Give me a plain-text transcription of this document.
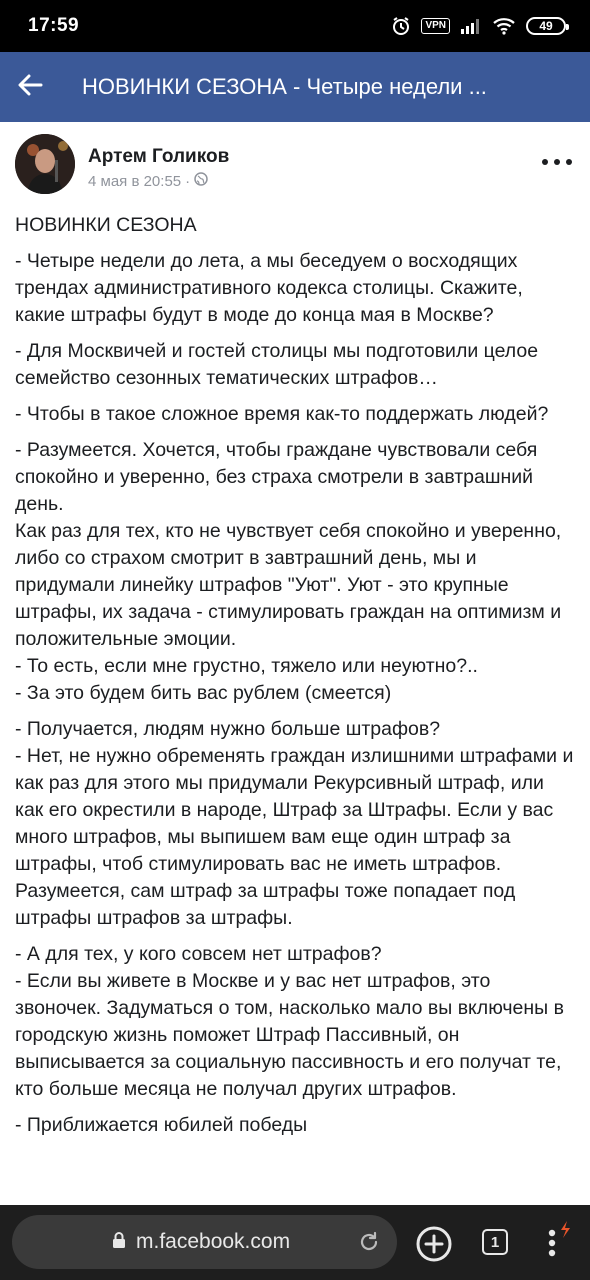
17:59	VPN	49
НОВИНКИ СЕЗОНА - Четыре недели ...
Артем Голиков
4 мая в 20:55 ·

НОВИНКИ СЕЗОНА

- Четыре недели до лета, а мы беседуем о восходящих трендах административного кодекса столицы. Скажите, какие штрафы будут в моде до конца мая в Москве?

- Для Москвичей и гостей столицы мы подготовили целое семейство сезонных тематических штрафов…

- Чтобы в такое сложное время как-то поддержать людей?

- Разумеется. Хочется, чтобы граждане чувствовали себя спокойно и уверенно, без страха смотрели в завтрашний день.
Как раз для тех, кто не чувствует себя спокойно и уверенно, либо со страхом смотрит в завтрашний день, мы и придумали линейку штрафов "Уют". Уют - это крупные штрафы, их задача - стимулировать граждан на оптимизм и положительные эмоции.
- То есть, если мне грустно, тяжело или неуютно?..
- За это будем бить вас рублем (смеется)

- Получается, людям нужно больше штрафов?
- Нет, не нужно обременять граждан излишними штрафами и как раз для этого мы придумали Рекурсивный штраф, или как его окрестили в народе, Штраф за Штрафы. Если у вас много штрафов, мы выпишем вам еще один штраф за штрафы, чтоб стимулировать вас не иметь штрафов. Разумеется, сам штраф за штрафы тоже попадает под штрафы штрафов за штрафы.

- А для тех, у кого совсем нет штрафов?
- Если вы живете в Москве и у вас нет штрафов, это звоночек. Задуматься о том, насколько мало вы включены в городскую жизнь поможет Штраф Пассивный, он выписывается за социальную пассивность и его получат те, кто больше месяца не получал других штрафов.

- Приближается юбилей победы

m.facebook.com	1
